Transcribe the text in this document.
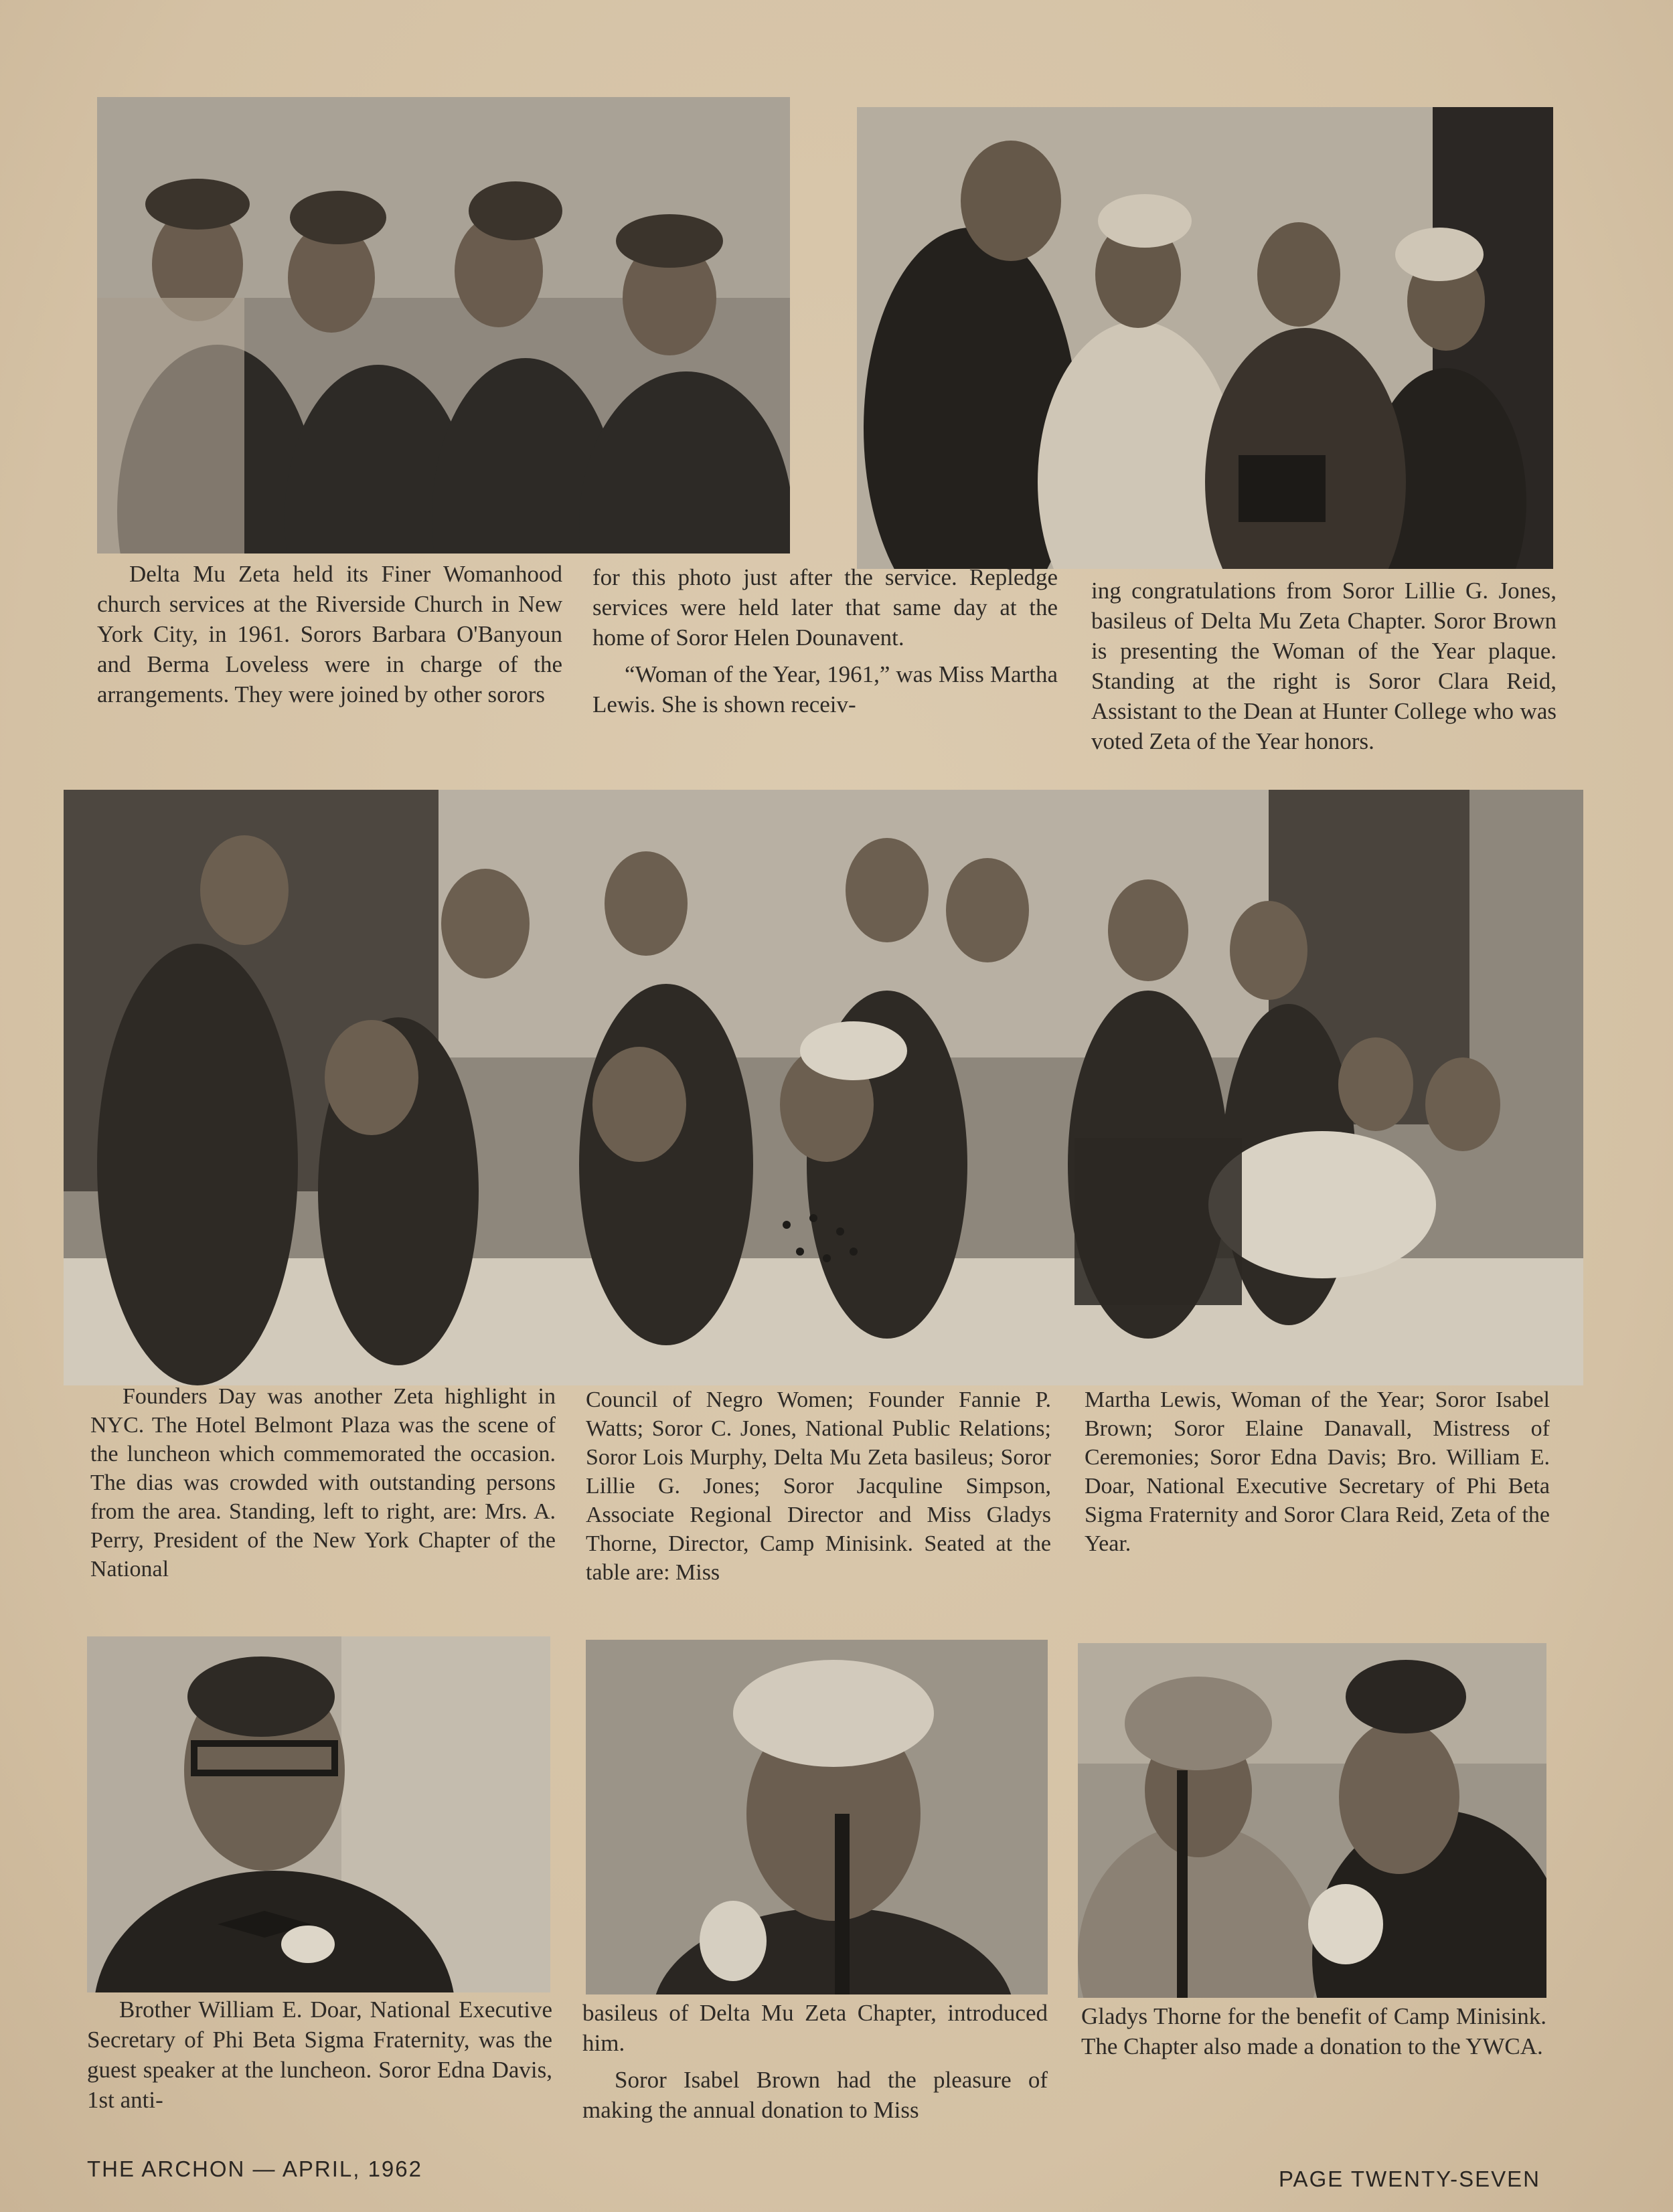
Delta Mu Zeta held its Finer Womanhood church services at the Riverside Church in New York City, in 1961. Sorors Barbara O'Banyoun and Berma Loveless were in charge of the arrangements. They were joined by other sorors

for this photo just after the service. Repledge services were held later that same day at the home of Soror Helen Dounavent.

“Woman of the Year, 1961,” was Miss Martha Lewis. She is shown receiv-

ing congratulations from Soror Lillie G. Jones, basileus of Delta Mu Zeta Chapter. Soror Brown is presenting the Woman of the Year plaque. Standing at the right is Soror Clara Reid, Assistant to the Dean at Hunter College who was voted Zeta of the Year honors.

Founders Day was another Zeta highlight in NYC. The Hotel Belmont Plaza was the scene of the luncheon which commemorated the occasion. The dias was crowded with outstanding persons from the area. Standing, left to right, are: Mrs. A. Perry, President of the New York Chapter of the National

Council of Negro Women; Founder Fannie P. Watts; Soror C. Jones, National Public Relations; Soror Lois Murphy, Delta Mu Zeta basileus; Soror Lillie G. Jones; Soror Jacquline Simpson, Associate Regional Director and Miss Gladys Thorne, Director, Camp Minisink. Seated at the table are: Miss

Martha Lewis, Woman of the Year; Soror Isabel Brown; Soror Elaine Danavall, Mistress of Ceremonies; Soror Edna Davis; Bro. William E. Doar, National Executive Secretary of Phi Beta Sigma Fraternity and Soror Clara Reid, Zeta of the Year.

Brother William E. Doar, National Executive Secretary of Phi Beta Sigma Fraternity, was the guest speaker at the luncheon. Soror Edna Davis, 1st anti-

basileus of Delta Mu Zeta Chapter, introduced him.

Soror Isabel Brown had the pleasure of making the annual donation to Miss

Gladys Thorne for the benefit of Camp Minisink. The Chapter also made a donation to the YWCA.

THE ARCHON — APRIL, 1962	PAGE TWENTY-SEVEN
